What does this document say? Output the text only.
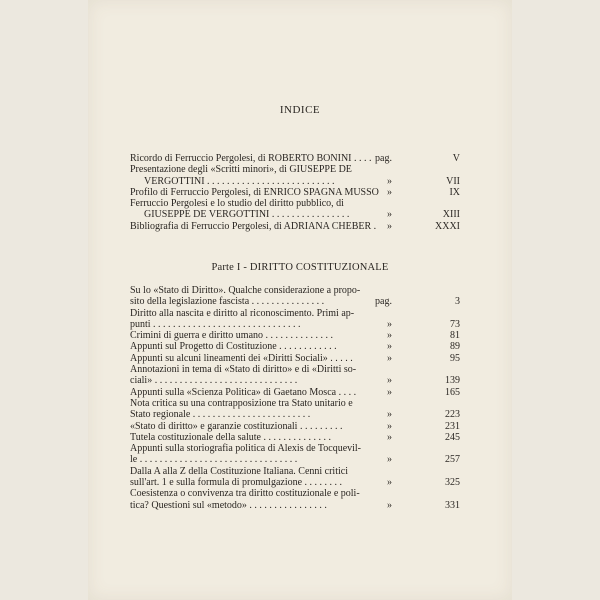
INDICE
Ricordo di Ferruccio Pergolesi, di ROBERTO BONINI . . . . pag.	V
Presentazione degli «Scritti minori», di GIUSEPPE DE
VERGOTTINI . . . . . . . . . . . . . . . . . . . . . . . . . .	»	VII
Profilo di Ferruccio Pergolesi, di ENRICO SPAGNA MUSSO »	IX
Ferruccio Pergolesi e lo studio del diritto pubblico, di
GIUSEPPE DE VERGOTTINI . . . . . . . . . . . . . . . .	»	XIII
Bibliografia di Ferruccio Pergolesi, di ADRIANA CHEBER . »	XXXI
Parte I - DIRITTO COSTITUZIONALE
Su lo «Stato di Diritto». Qualche considerazione a propo-
sito della legislazione fascista . . . . . . . . . . . . . . .	pag.	3
Diritto alla nascita e diritto al riconoscimento. Primi ap-
punti . . . . . . . . . . . . . . . . . . . . . . . . . . . . . .	»	73
Crimini di guerra e diritto umano . . . . . . . . . . . . . .	»	81
Appunti sul Progetto di Costituzione . . . . . . . . . . . .	»	89
Appunti su alcuni lineamenti dei «Diritti Sociali» . . . . .	»	95
Annotazioni in tema di «Stato di diritto» e di «Diritti so-
ciali» . . . . . . . . . . . . . . . . . . . . . . . . . . . . .	»	139
Appunti sulla «Scienza Politica» di Gaetano Mosca . . . .	»	165
Nota critica su una contrapposizione tra Stato unitario e
Stato regionale . . . . . . . . . . . . . . . . . . . . . . . .	»	223
«Stato di diritto» e garanzie costituzionali . . . . . . . . .	»	231
Tutela costituzionale della salute . . . . . . . . . . . . . .	»	245
Appunti sulla storiografia politica di Alexis de Tocquevil-
le . . . . . . . . . . . . . . . . . . . . . . . . . . . . . . . .	»	257
Dalla A alla Z della Costituzione Italiana. Cenni critici
sull'art. 1 e sulla formula di promulgazione . . . . . . . .	»	325
Coesistenza o convivenza tra diritto costituzionale e poli-
tica? Questioni sul «metodo» . . . . . . . . . . . . . . . .	»	331
